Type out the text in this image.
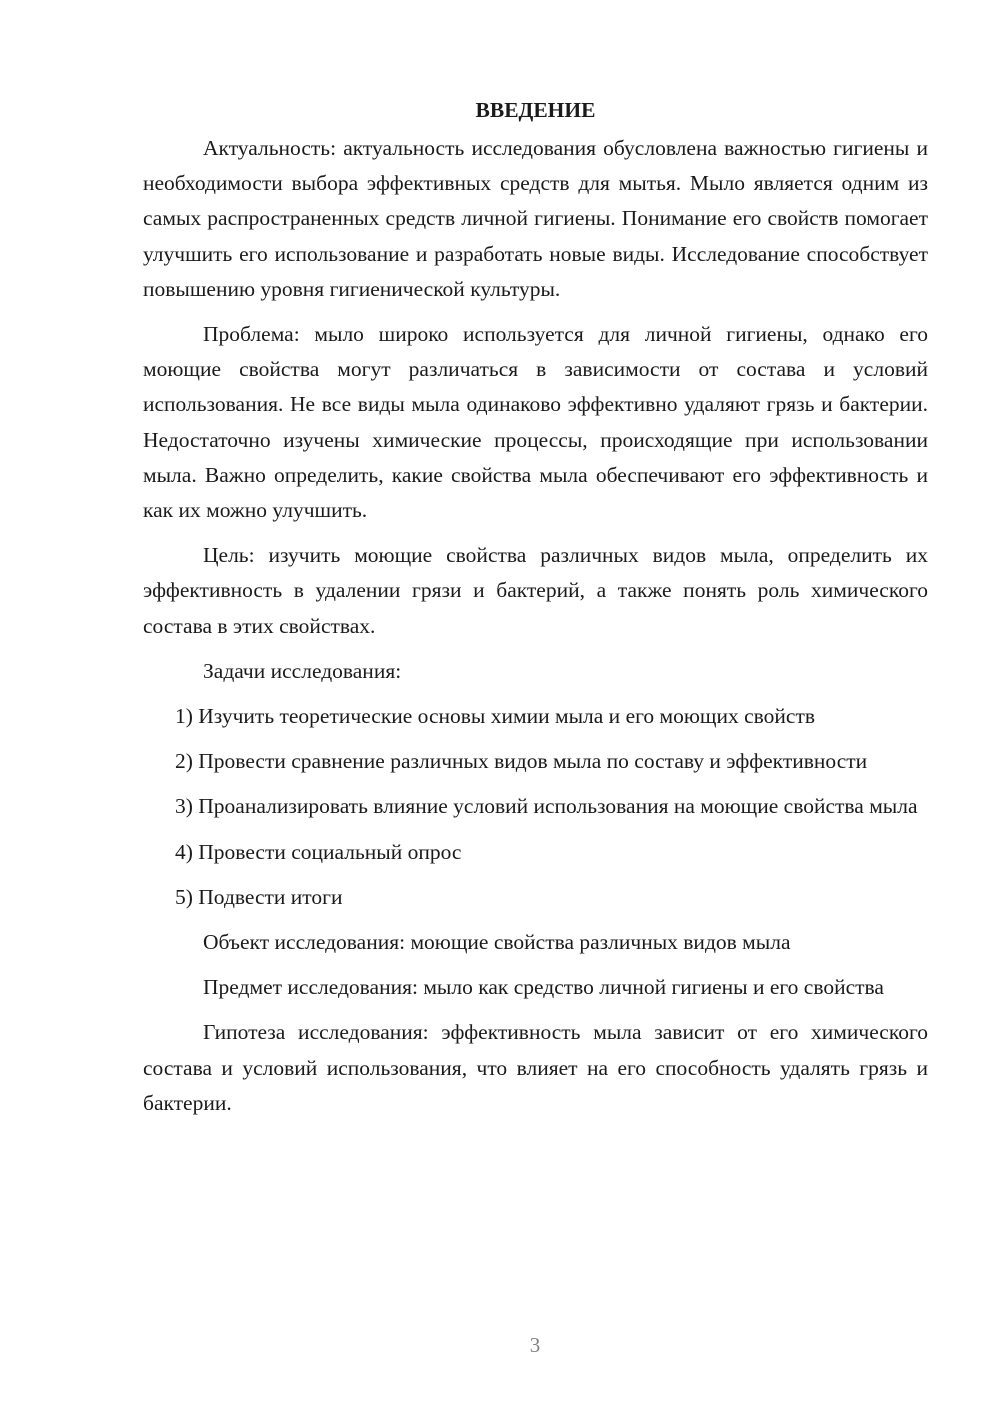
ВВЕДЕНИЕ

Актуальность: актуальность исследования обусловлена важностью гигиены и необходимости выбора эффективных средств для мытья. Мыло является одним из самых распространенных средств личной гигиены. Понимание его свойств помогает улучшить его использование и разработать новые виды. Исследование способствует повышению уровня гигиенической культуры.

Проблема: мыло широко используется для личной гигиены, однако его моющие свойства могут различаться в зависимости от состава и условий использования. Не все виды мыла одинаково эффективно удаляют грязь и бактерии. Недостаточно изучены химические процессы, происходящие при использовании мыла. Важно определить, какие свойства мыла обеспечивают его эффективность и как их можно улучшить.

Цель: изучить моющие свойства различных видов мыла, определить их эффективность в удалении грязи и бактерий, а также понять роль химического состава в этих свойствах.

Задачи исследования:

1) Изучить теоретические основы химии мыла и его моющих свойств

2) Провести сравнение различных видов мыла по составу и эффективности

3) Проанализировать влияние условий использования на моющие свойства мыла

4) Провести социальный опрос

5) Подвести итоги

Объект исследования: моющие свойства различных видов мыла

Предмет исследования: мыло как средство личной гигиены и его свойства

Гипотеза исследования: эффективность мыла зависит от его химического состава и условий использования, что влияет на его способность удалять грязь и бактерии.

3
